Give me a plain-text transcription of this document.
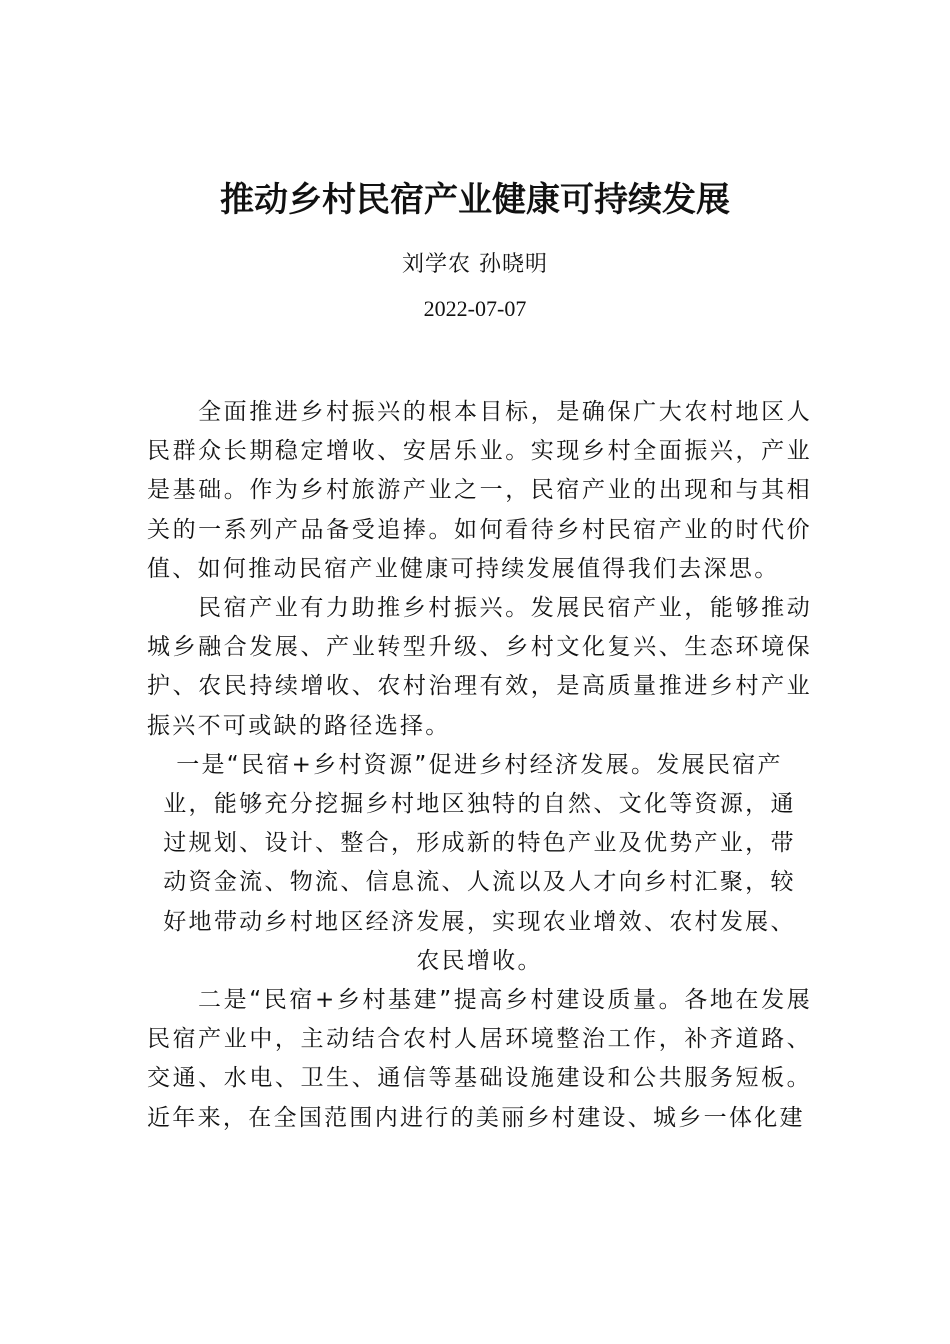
推动乡村民宿产业健康可持续发展
刘学农 孙晓明
2022-07-07

全面推进乡村振兴的根本目标，是确保广大农村地区人民群众长期稳定增收、安居乐业。实现乡村全面振兴，产业是基础。作为乡村旅游产业之一，民宿产业的出现和与其相关的一系列产品备受追捧。如何看待乡村民宿产业的时代价值、如何推动民宿产业健康可持续发展值得我们去深思。

民宿产业有力助推乡村振兴。发展民宿产业，能够推动城乡融合发展、产业转型升级、乡村文化复兴、生态环境保护、农民持续增收、农村治理有效，是高质量推进乡村产业振兴不可或缺的路径选择。

一是“民宿+乡村资源”促进乡村经济发展。发展民宿产业，能够充分挖掘乡村地区独特的自然、文化等资源，通过规划、设计、整合，形成新的特色产业及优势产业，带动资金流、物流、信息流、人流以及人才向乡村汇聚，较好地带动乡村地区经济发展，实现农业增效、农村发展、农民增收。

二是“民宿+乡村基建”提高乡村建设质量。各地在发展民宿产业中，主动结合农村人居环境整治工作，补齐道路、 交通、水电、卫生、通信等基础设施建设和公共服务短板。 近年来，在全国范围内进行的美丽乡村建设、城乡一体化建
